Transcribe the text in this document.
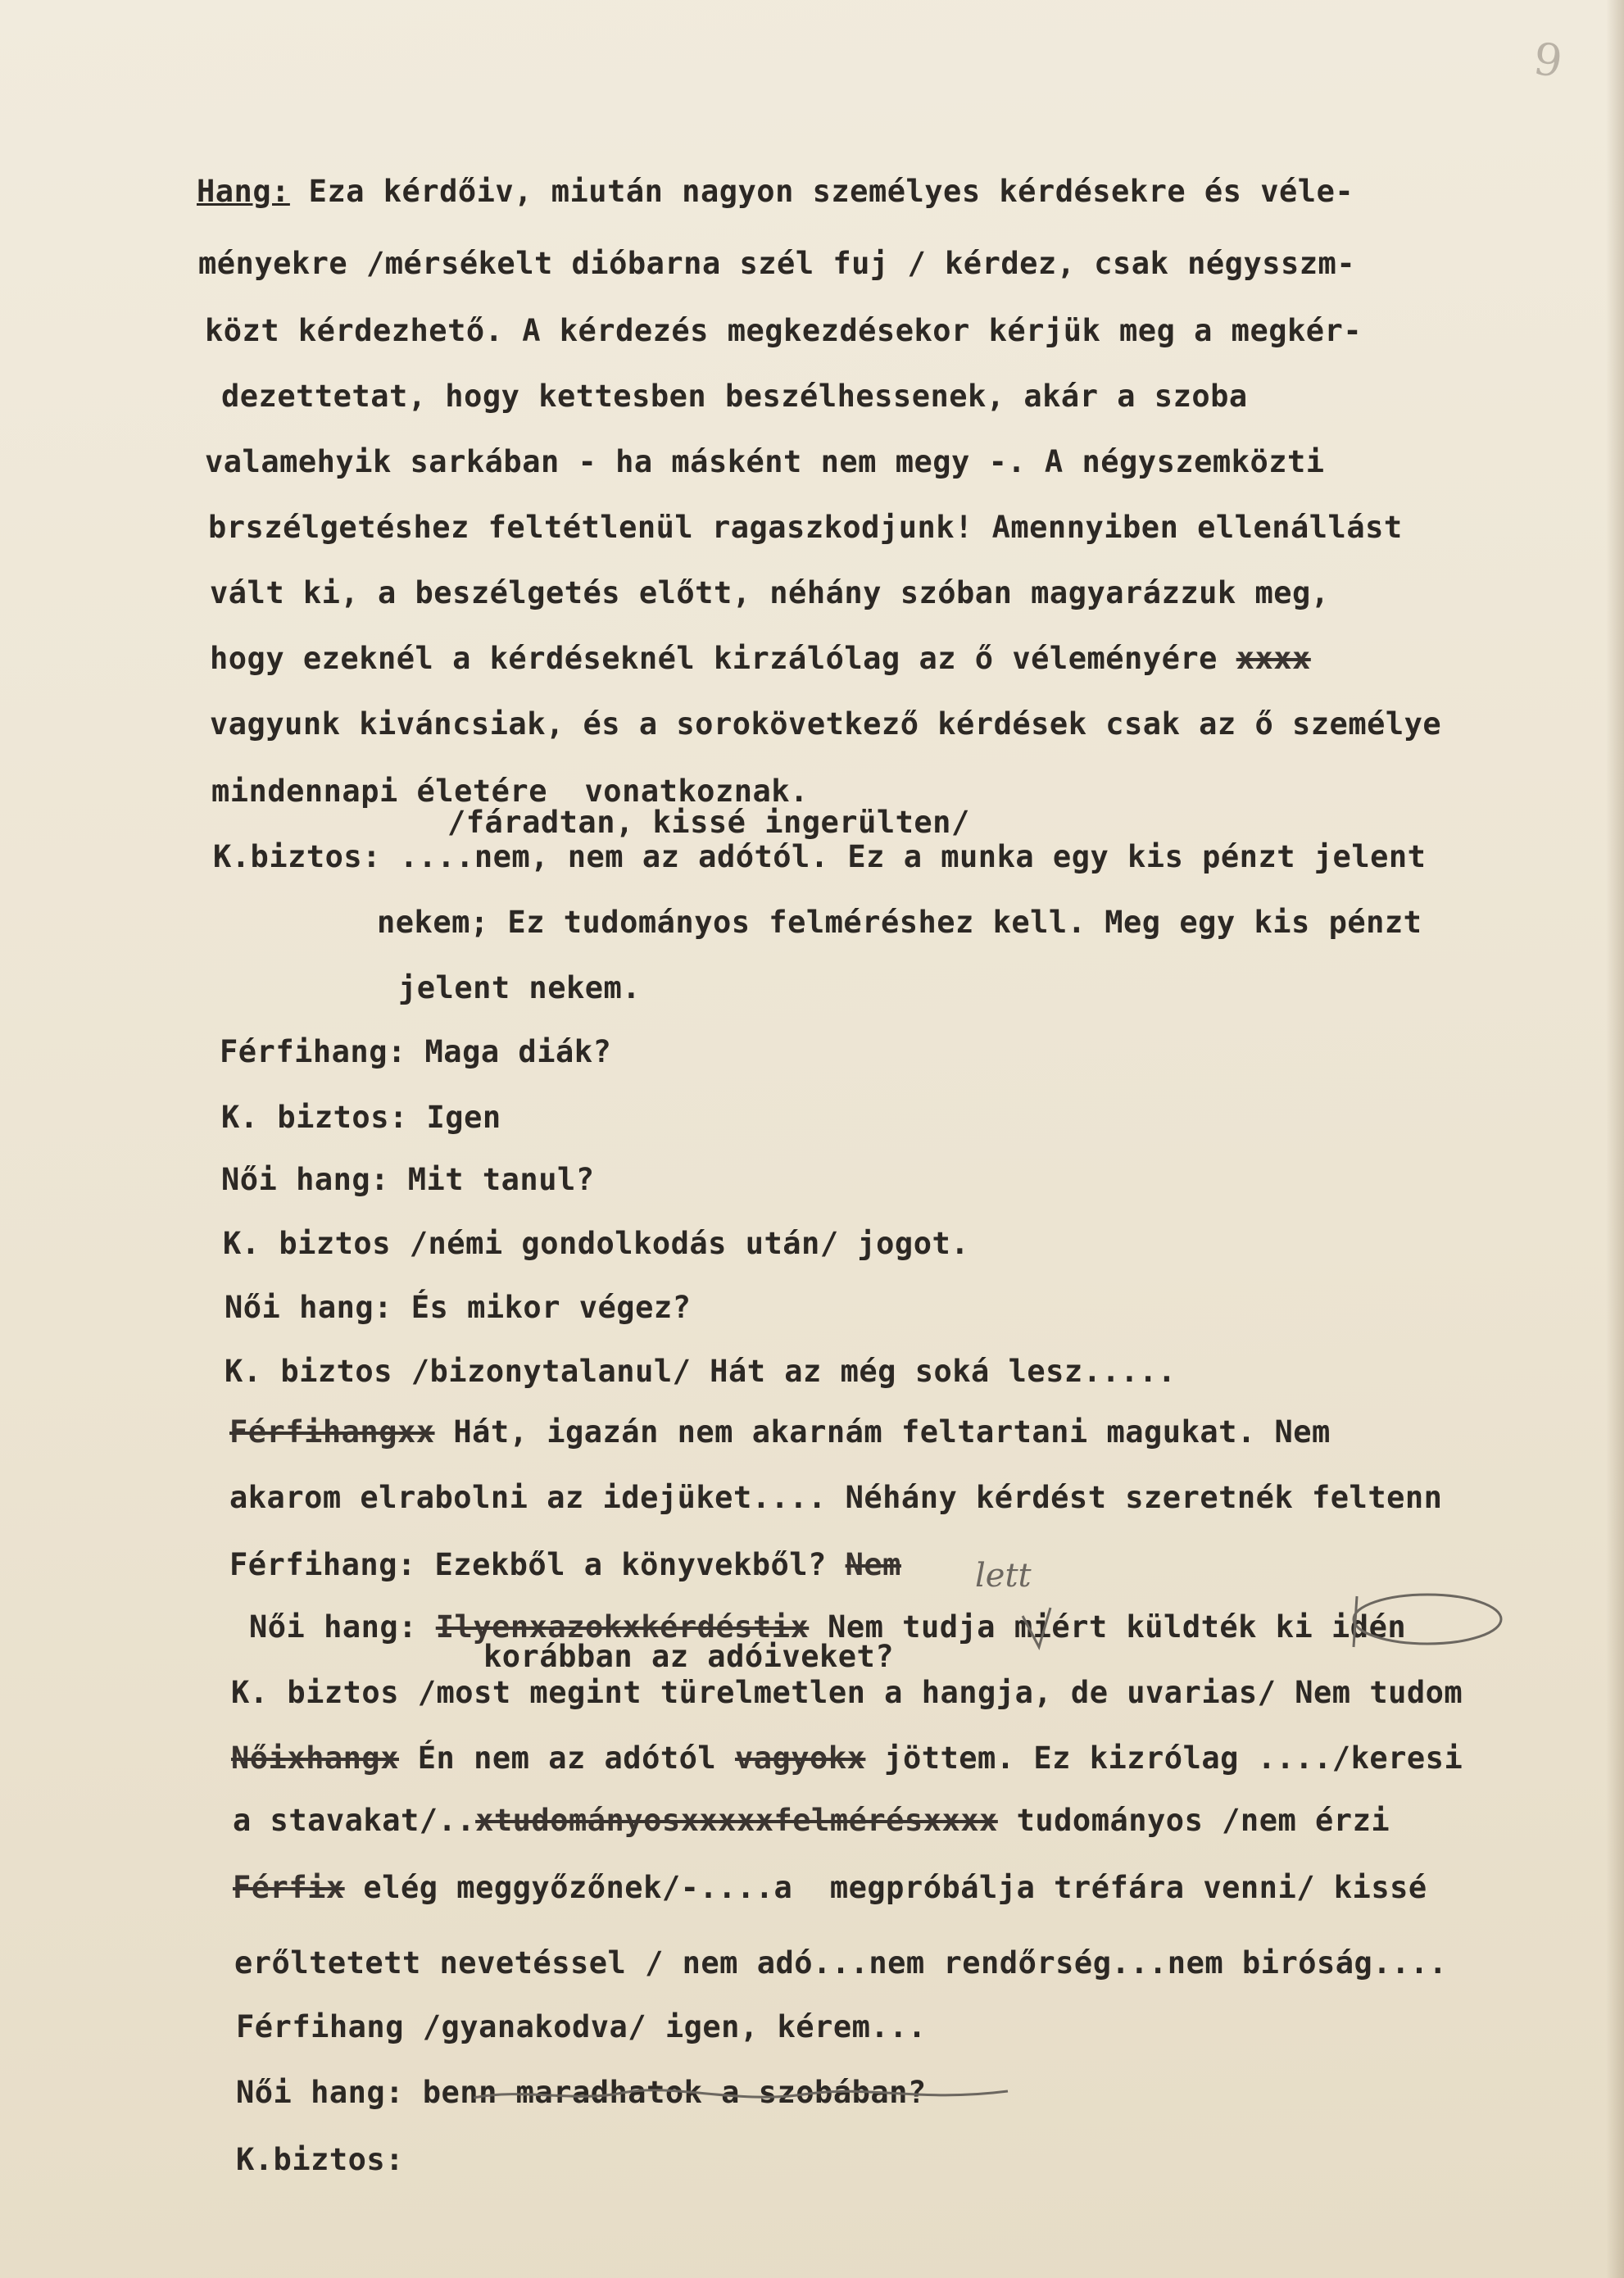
9
Hang: Eza kérdőiv, miután nagyon személyes kérdésekre és véle-
ményekre /mérsékelt dióbarna szél fuj / kérdez, csak négysszm-
közt kérdezhető. A kérdezés megkezdésekor kérjük meg a megkér-
dezettetat, hogy kettesben beszélhessenek, akár a szoba
valamehyik sarkában - ha másként nem megy -. A négyszemközti
brszélgetéshez feltétlenül ragaszkodjunk! Amennyiben ellenállást
vált ki, a beszélgetés előtt, néhány szóban magyarázzuk meg,
hogy ezeknél a kérdéseknél kirzálólag az ő véleményére xxxx
vagyunk kiváncsiak, és a sorokövetkező kérdések csak az ő személye
mindennapi életére  vonatkoznak.
/fáradtan, kissé ingerülten/
K.biztos: ....nem, nem az adótól. Ez a munka egy kis pénzt jelent
nekem; Ez tudományos felméréshez kell. Meg egy kis pénzt
jelent nekem.
Férfihang: Maga diák?
K. biztos: Igen
Női hang: Mit tanul?
K. biztos /némi gondolkodás után/ jogot.
Női hang: És mikor végez?
K. biztos /bizonytalanul/ Hát az még soká lesz.....
Férfihangxx Hát, igazán nem akarnám feltartani magukat. Nem
akarom elrabolni az idejüket.... Néhány kérdést szeretnék feltenn
Férfihang: Ezekből a könyvekből? Nem
Női hang: Ilyenxazokxkérdéstix Nem tudja miért küldték ki idén
korábban az adóiveket?
K. biztos /most megint türelmetlen a hangja, de uvarias/ Nem tudom
Nőixhangx Én nem az adótól vagyokx jöttem. Ez kizrólag ..../keresi
a stavakat/..xtudományosxxxxxfelmérésxxxx tudományos /nem érzi
Férfix elég meggyőzőnek/-....a  megpróbálja tréfára venni/ kissé
erőltetett nevetéssel / nem adó...nem rendőrség...nem biróság....
Férfihang /gyanakodva/ igen, kérem...
Női hang: benn maradhatok a szobában?
K.biztos:
lett
